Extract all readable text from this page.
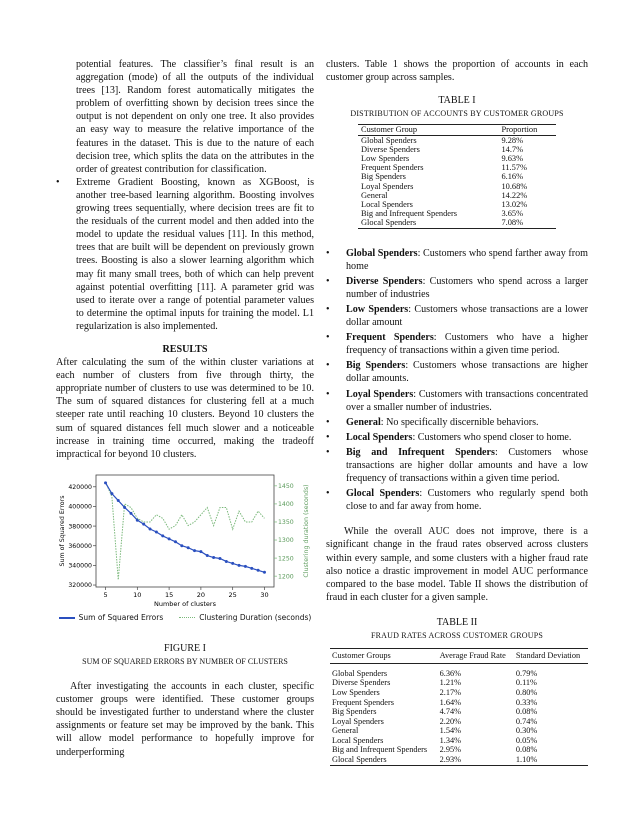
potential features. The classifier’s final result is an aggregation (mode) of all the outputs of the individual trees [13]. Random forest automatically mitigates the problem of overfitting shown by decision trees since the output is not dependent on only one tree. It also provides an easy way to measure the relative importance of the features in the dataset. This is due to the nature of each decision tree, which splits the data on the attributes in the order of greatest contribution for classification.

•	Extreme Gradient Boosting, known as XGBoost, is another tree-based learning algorithm. Boosting involves growing trees sequentially, where decision trees are fit to the residuals of the current model and then added into the model to update the residual values [11]. In this method, trees that are built will be dependent on previously grown trees. Boosting is also a slower learning algorithm which may fit many small trees, both of which can help prevent against potential overfitting [11]. A parameter grid was used to iterate over a range of potential parameter values to determine the optimal inputs for training the model. L1 regularization is also implemented.

RESULTS

After calculating the sum of the within cluster variations at each number of clusters from five through thirty, the appropriate number of clusters to use was determined to be 10. The sum of squared distances for clustering fell at a much steeper rate until reaching 10 clusters. Beyond 10 clusters the sum of squared distances fell much slower and a noticeable increase in training time occurred, making the tradeoff impractical for beyond 10 clusters.

5	10	15	20	25	30
320000
340000
360000
380000
400000
420000
1200
1250
1300
1350
1400
1450
Number of clusters
Sum of Squared Errors	Clustering duration (seconds)
Sum of Squared Errors	Clustering Duration (seconds)
FIGURE I
SUM OF SQUARED ERRORS BY NUMBER OF CLUSTERS

After investigating the accounts in each cluster, specific customer groups were identified. These customer groups should be investigated further to understand where the cluster assignments or feature set may be improved by the bank. This will allow model performance to hopefully improve for underperforming

clusters. Table 1 shows the proportion of accounts in each customer group across samples.

TABLE I
DISTRIBUTION OF ACCOUNTS BY CUSTOMER GROUPS
Customer Group	Proportion
Global Spenders	9.28%
Diverse Spenders	14.7%
Low Spenders	9.63%
Frequent Spenders	11.57%
Big Spenders	6.16%
Loyal Spenders	10.68%
General	14.22%
Local Spenders	13.02%
Big and Infrequent Spenders	3.65%
Glocal Spenders	7.08%
•	Global Spenders: Customers who spend farther away from home
•	Diverse Spenders: Customers who spend across a larger number of industries
•	Low Spenders: Customers whose transactions are a lower dollar amount
•	Frequent Spenders: Customers who have a higher frequency of transactions within a given time period.
•	Big Spenders: Customers whose transactions are higher dollar amounts.
•	Loyal Spenders: Customers with transactions concentrated over a smaller number of industries.
•	General: No specifically discernible behaviors.
•	Local Spenders: Customers who spend closer to home.
•	Big and Infrequent Spenders: Customers whose transactions are higher dollar amounts and have a low frequency of transactions within a given time period.
•	Glocal Spenders: Customers who regularly spend both close to and far away from home.

While the overall AUC does not improve, there is a significant change in the fraud rates observed across clusters within every sample, and some clusters with a higher fraud rate also notice a drastic improvement in model AUC performance compared to the base model. Table II shows the distribution of fraud in each cluster for a given sample.

TABLE II
FRAUD RATES ACROSS CUSTOMER GROUPS
Customer Groups	Average Fraud Rate	Standard Deviation
Global Spenders	6.36%	0.79%
Diverse Spenders	1.21%	0.11%
Low Spenders	2.17%	0.80%
Frequent Spenders	1.64%	0.33%
Big Spenders	4.74%	0.08%
Loyal Spenders	2.20%	0.74%
General	1.54%	0.30%
Local Spenders	1.34%	0.05%
Big and Infrequent Spenders	2.95%	0.08%
Glocal Spenders	2.93%	1.10%
